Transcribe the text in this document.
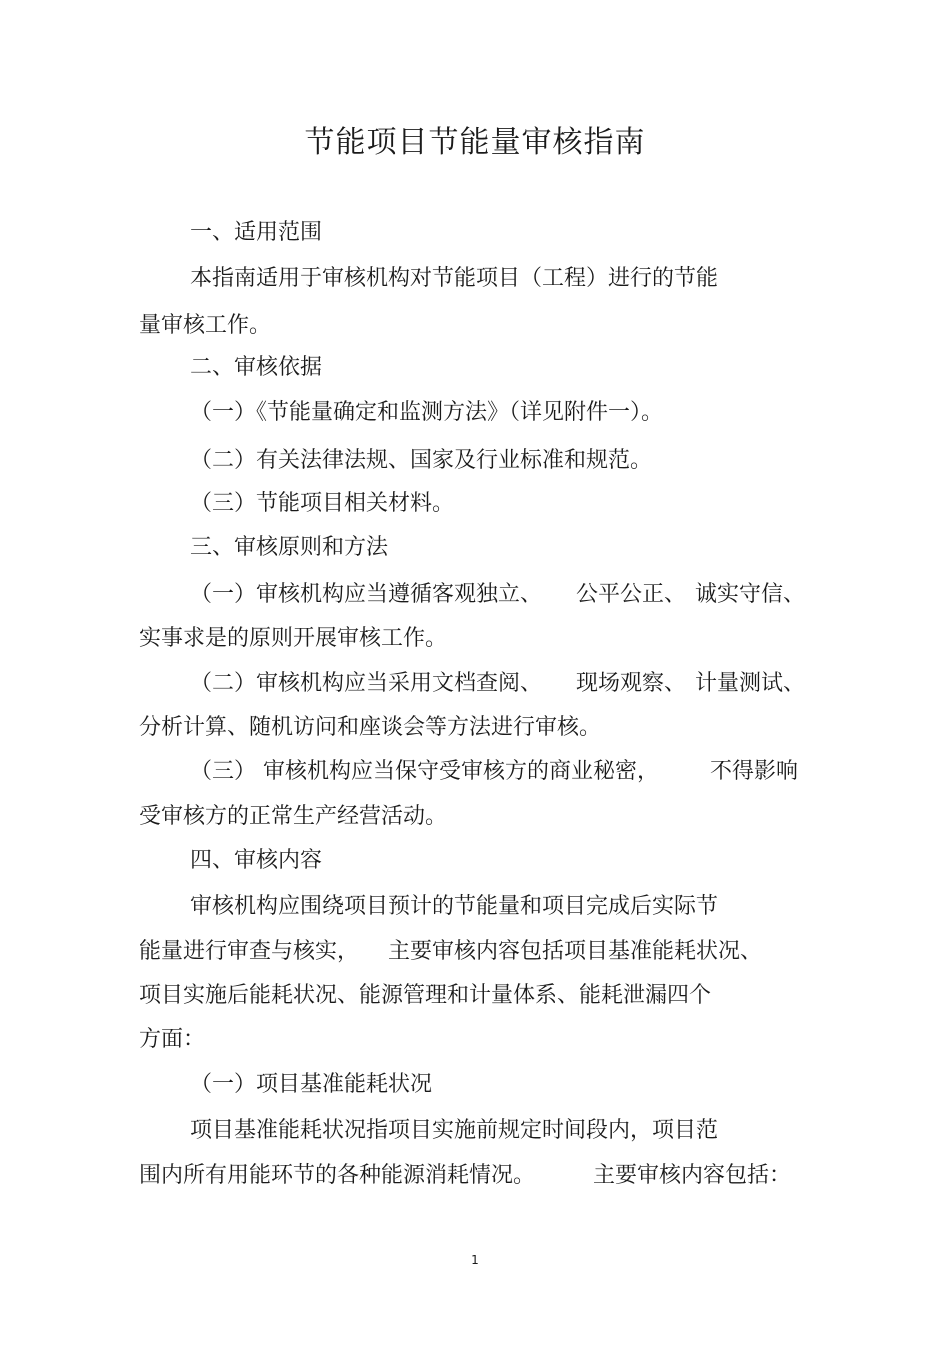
节能项目节能量审核指南
一、适用范围
本指南适用于审核机构对节能项目（工程）进行的节能
量审核工作。
二、审核依据
（一）《节能量确定和监测方法》（详见附件一）。
（二）有关法律法规、国家及行业标准和规范。
（三）节能项目相关材料。
三、审核原则和方法
（一）审核机构应当遵循客观独立、 公平公正、 诚实守信、
实事求是的原则开展审核工作。
（二）审核机构应当采用文档查阅、 现场观察、 计量测试、
分析计算、随机访问和座谈会等方法进行审核。
（三） 审核机构应当保守受审核方的商业秘密， 不得影响
受审核方的正常生产经营活动。
四、审核内容
审核机构应围绕项目预计的节能量和项目完成后实际节
能量进行审查与核实， 主要审核内容包括项目基准能耗状况、
项目实施后能耗状况、能源管理和计量体系、能耗泄漏四个
方面：
（一）项目基准能耗状况
项目基准能耗状况指项目实施前规定时间段内，项目范
围内所有用能环节的各种能源消耗情况。	主要审核内容包括：
1
